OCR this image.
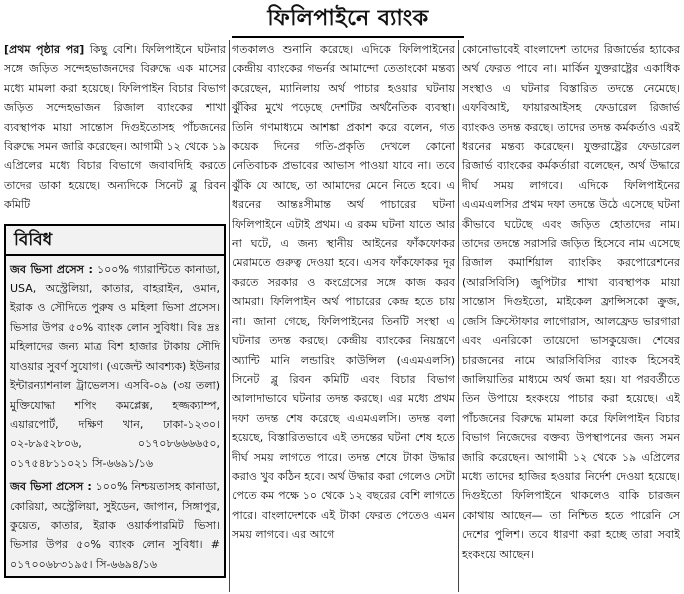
ফিলিপাইনে ব্যাংক

[প্রথম পৃষ্ঠার পর] কিছু বেশি। ফিলিপাইনে ঘটনার সঙ্গে জড়িত সন্দেহভাজনদের বিরুদ্ধে এক মাসের মধ্যে মামলা করা হয়েছে। ফিলিপাইন বিচার বিভাগ জড়িত সন্দেহভাজন রিজাল ব্যাংকের শাখা ব্যবস্থাপক মায়া সান্তোস দিগুইতোসহ পাঁচজনের বিরুদ্ধে সমন জারি করেছেন। আগামী ১২ থেকে ১৯ এপ্রিলের মধ্যে বিচার বিভাগে জবাবদিহি করতে তাদের ডাকা হয়েছে। অন্যদিকে সিনেট ব্লু রিবন কমিটি

বিবিধ

জব ভিসা প্রসেস : ১০০% গ্যারান্টিতে কানাডা, USA, অস্ট্রেলিয়া, কাতার, বাহরাইন, ওমান, ইরাক ও সৌদিতে পুরুষ ও মহিলা ভিসা প্রসেস। ভিসার উপর ৫০% ব্যাংক লোন সুবিধা। বিঃ দ্রঃ মহিলাদের জন্য মাত্র বিশ হাজার টাকায় সৌদি যাওয়ার সুবর্ণ সুযোগ। (এজেন্ট আবশ্যক) ইউনার ইন্টারন্যাশনাল ট্রাভেলস। এসবি-০৯ (৩য় তলা) মুক্তিযোদ্ধা শপিং কমপ্লেক্স, হজ্জক্যাম্প, এয়ারপোর্ট, দক্ষিণ খান, ঢাকা-১২৩০। ০২-৮৯৫২৮০৬, ০১৭০৮৬৬৬৬৫০, ০১৭৫৪৮১১০২১ সি-৬৬৯১/১৬

জব ভিসা প্রসেস : ১০০% নিশ্চয়তাসহ কানাডা, কোরিয়া, অস্ট্রেলিয়া, সুইডেন, জাপান, সিঙ্গাপুর, কুয়েত, কাতার, ইরাক ওয়ার্কপারমিট ভিসা। ভিসার উপর ৫০% ব্যাংক লোন সুবিধা। # ০১৭০০৬৮৩১৯৫। সি-৬৬৯৪/১৬

গতকালও শুনানি করেছে। এদিকে ফিলিপাইনের কেন্দ্রীয় ব্যাংকের গভর্নর আমান্দো তেতাংকো মন্তব্য করেছেন, ম্যানিলায় অর্থ পাচার হওয়ার ঘটনায় ঝুঁকির মুখে পড়েছে দেশটির অর্থনৈতিক ব্যবস্থা। তিনি গণমাধ্যমে আশঙ্কা প্রকাশ করে বলেন, গত কয়েক দিনের গতি-প্রকৃতি দেখলে কোনো নেতিবাচক প্রভাবের আভাস পাওয়া যাবে না। তবে ঝুঁকি যে আছে, তা আমাদের মেনে নিতে হবে। এ ধরনের আন্তঃসীমান্ত অর্থ পাচারের ঘটনা ফিলিপাইনে এটাই প্রথম। এ রকম ঘটনা যাতে আর না ঘটে, এ জন্য স্থানীয় আইনের ফাঁকফোকর মেরামতে গুরুত্ব দেওয়া হবে। এসব ফাঁকফোকর দূর করতে সরকার ও কংগ্রেসের সঙ্গে কাজ করব আমরা। ফিলিপাইন অর্থ পাচারের কেন্দ্র হতে চায় না। জানা গেছে, ফিলিপাইনের তিনটি সংস্থা এ ঘটনার তদন্ত করছে। কেন্দ্রীয় ব্যাংকের নিয়ন্ত্রণে অ্যান্টি মানি লন্ডারিং কাউন্সিল (এএমএলসি) সিনেট ব্লু রিবন কমিটি এবং বিচার বিভাগ আলাদাভাবে ঘটনার তদন্ত করছে। এর মধ্যে প্রথম দফা তদন্ত শেষ করেছে এএমএলসি। তদন্ত বলা হয়েছে, বিস্তারিতভাবে এই তদন্তের ঘটনা শেষ হতে দীর্ঘ সময় লাগতে পারে। তদন্ত শেষে টাকা উদ্ধার করাও খুব কঠিন হবে। অর্থ উদ্ধার করা গেলেও সেটা পেতে কম পক্ষে ১০ থেকে ১২ বছরের বেশি লাগতে পারে। বাংলাদেশকে এই টাকা ফেরত পেতেও এমন সময় লাগবে। এর আগে

কোনোভাবেই বাংলাদেশ তাদের রিজার্ভের হ্যাকের অর্থ ফেরত পাবে না। মার্কিন যুক্তরাষ্ট্রের একাধিক সংস্থাও এ ঘটনার বিস্তারিত তদন্তে নেমেছে। এফবিআই, ফায়ারআইসহ ফেডারেল রিজার্ভ ব্যাংকও তদন্ত করছে। তাদের তদন্ত কর্মকর্তাও এরই ধরনের মন্তব্য করেছেন। যুক্তরাষ্ট্রের ফেডারেল রিজার্ভ ব্যাংকের কর্মকর্তারা বলেছেন, অর্থ উদ্ধারে দীর্ঘ সময় লাগবে। এদিকে ফিলিপাইনের এএমএলসির প্রথম দফা তদন্তে উঠে এসেছে ঘটনা কীভাবে ঘটেছে এবং জড়িত হোতাদের নাম। তাদের তদন্তে সরাসরি জড়িত হিসেবে নাম এসেছে রিজাল কমার্শিয়াল ব্যাংকিং করপোরেশনের (আরসিবিসি) জুপিটার শাখা ব্যবস্থাপক মায়া সান্তোস দিগুইতো, মাইকেল ফ্রান্সিসকো ক্রুজ, জেসি ক্রিস্টোফার লাগোরাস, আলফ্রেড ভারগারা এবং এনরিকো তায়েদো ভাসকুয়েজ। শেষের চারজনের নামে আরসিবিসির ব্যাংক হিসেবই জালিয়াতির মাধ্যমে অর্থ জমা হয়। যা পরবর্তীতে তিন উপায়ে হংকংয়ে পাচার করা হয়েছে। এই পাঁচজনের বিরুদ্ধে মামলা করে ফিলিপাইন বিচার বিভাগ নিজেদের বক্তব্য উপস্থাপনের জন্য সমন জারি করেছেন। আগামী ১২ থেকে ১৯ এপ্রিলের মধ্যে তাদের হাজির হওয়ার নির্দেশ দেওয়া হয়েছে। দিগুইতো ফিলিপাইনে থাকলেও বাকি চারজন কোথায় আছেন— তা নিশ্চিত হতে পারেনি সে দেশের পুলিশ। তবে ধারণা করা হচ্ছে তারা সবাই হংকংয়ে আছেন।
